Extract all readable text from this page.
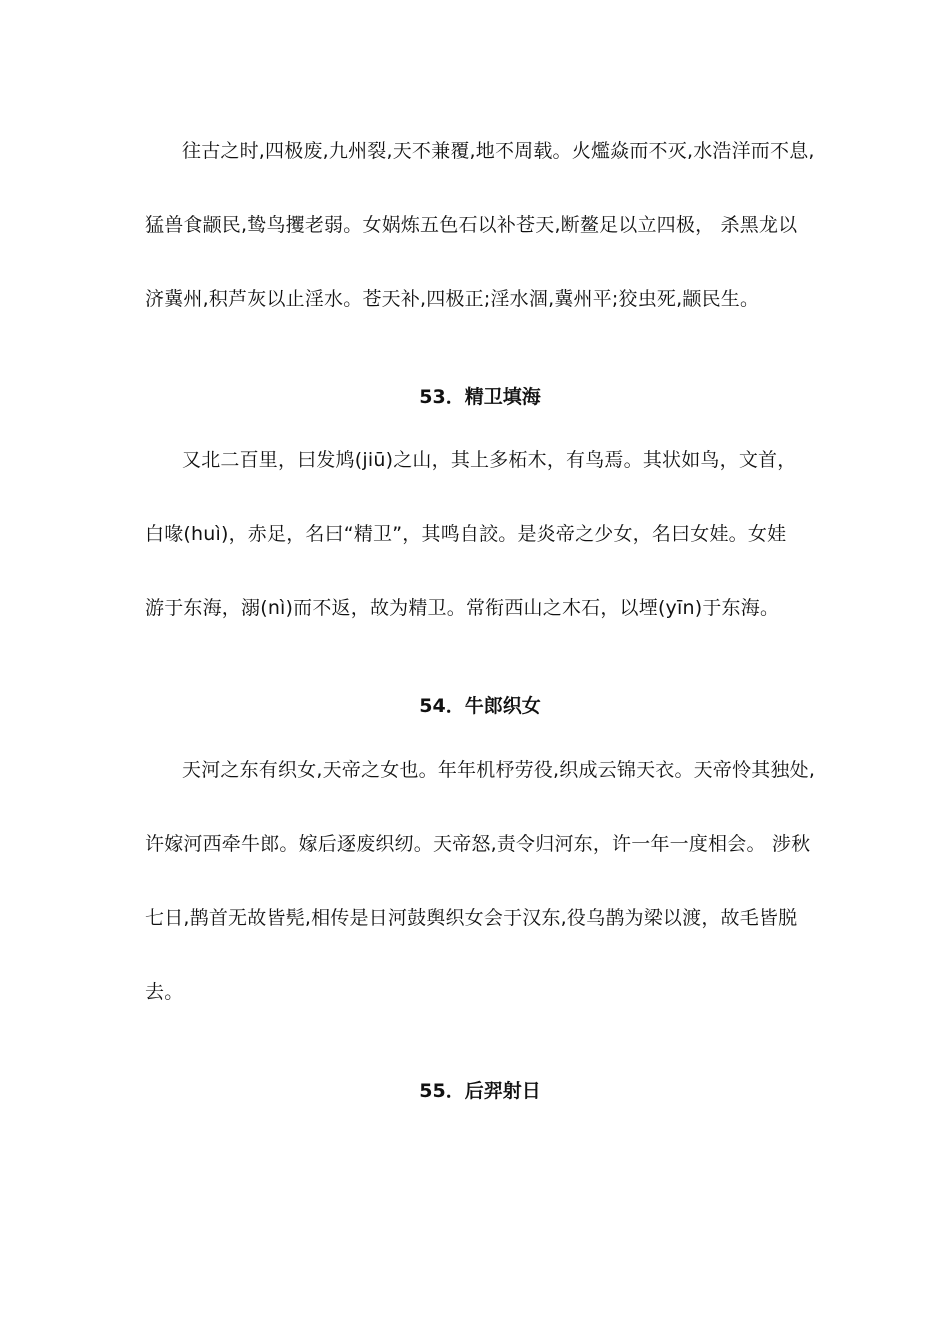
往古之时,四极废,九州裂,天不兼覆,地不周载。火爁焱而不灭,水浩洋而不息,
猛兽食颛民,鸷鸟攫老弱。女娲炼五色石以补苍天,断鳌足以立四极， 杀黑龙以
济冀州,积芦灰以止淫水。苍天补,四极正;淫水涸,冀州平;狡虫死,颛民生。
53．精卫填海
又北二百里，曰发鸠(jiū)之山，其上多柘木，有鸟焉。其状如鸟，文首，
白喙(huì)，赤足，名曰“精卫”，其鸣自詨。是炎帝之少女，名曰女娃。女娃
游于东海，溺(nì)而不返，故为精卫。常衔西山之木石，以堙(yīn)于东海。
54．牛郎织女
天河之东有织女,天帝之女也。年年机杼劳役,织成云锦天衣。天帝怜其独处,
许嫁河西牵牛郎。嫁后逐废织纫。天帝怒,责令归河东，许一年一度相会。 涉秋
七日,鹊首无故皆髡,相传是日河鼓舆织女会于汉东,役乌鹊为梁以渡，故毛皆脱
去。
55．后羿射日
